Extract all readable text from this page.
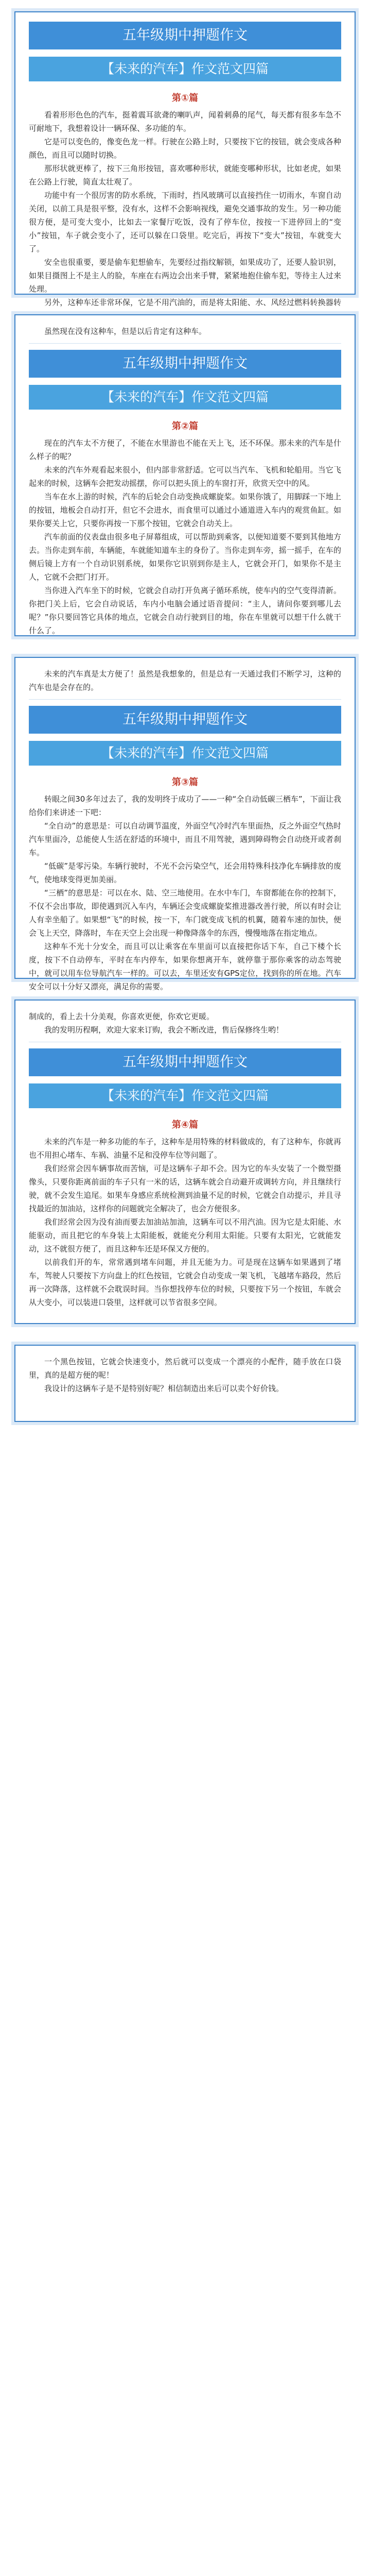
五年级期中押题作文
【未来的汽车】作文范文四篇
第①篇

看着形形色色的汽车，挺着震耳欲聋的喇叭声，闻着刺鼻的尾气，每天都有很多车急不可耐地下，我想着设计一辆环保、多功能的车。

它是可以变色的，像变色龙一样。行驶在公路上时，只要按下它的按钮，就会变成各种颜色，而且可以随时切换。

那形状就更棒了，按下三角形按钮，喜欢哪种形状，就能变哪种形状，比如老虎，如果在公路上行驶，简直太壮观了。

功能中有一个很厉害的防水系统，下雨时，挡风玻璃可以直接挡住一切雨水，车窗自动关闭，以前工具是很平整，没有水，这样不会影响视线，避免交通事故的发生。另一种功能很方便，是可变大变小，比如去一家餐厅吃饭，没有了停车位，按按一下进停回上的“变小”按钮，车子就会变小了，还可以躲在口袋里。吃完后，再按下“变大”按钮，车就变大了。

安全也很重要，要是偷车犯想偷车，先要经过指纹解锁，如果成功了，还要人脸识别，如果目摄图上不是主人的脸，车座在右两边会出来手臂，紧紧地抱住偷车犯，等待主人过来处理。

另外，这种车还非常环保，它是不用汽油的，而是将太阳能、水、风经过燃料转换器转

虽然现在没有这种车，但是以后肯定有这种车。

五年级期中押题作文
【未来的汽车】作文范文四篇
第②篇

现在的汽车太不方便了，不能在水里游也不能在天上飞，还不环保。那未来的汽车是什么样子的呢？

未来的汽车外观看起来很小，但内部非常舒适。它可以当汽车、飞机和轮船用。当它飞起来的时候，这辆车会把发动摇摆，你可以把头顶上的车窗打开，欣赏天空中的风。

当车在水上游的时候，汽车的后轮会自动变换成螺旋桨。如果你饿了，用脚踩一下地上的按钮，地板会自动打开，但它不会进水，而食里可以通过小通道进入车内的观赏鱼缸。如果你要关上它，只要你再按一下那个按钮，它就会自动关上。

汽车前面的仪表盘由很多电子屏幕组成，可以帮助到乘客，以便知道要不要到其他地方去。当你走到车前，车辆能，车就能知道车主的身份了。当你走到车旁，摇一摇手，在车的侧后镜上方有一个自动识别系统，如果你它识别到你是主人，它就会开门，如果你不是主人，它就不会把门打开。

当你进入汽车坐下的时候，它就会自动打开负离子循环系统，使车内的空气变得清新。你把门关上后，它会自动说话，车内小电脑会通过语音提问：“主人，请问你要到哪儿去呢？”你只要回答它具体的地点，它就会自动行驶到目的地，你在车里就可以想干什么就干什么了。

未来的汽车真是太方便了！虽然是我想象的，但是总有一天通过我们不断学习，这种的汽车也是会存在的。

五年级期中押题作文
【未来的汽车】作文范文四篇
第③篇

转眼之间30多年过去了，我的发明终于成功了——一种“全自动低碳三栖车”，下面让我给你们来讲述一下吧：

“全自动”的意思是：可以自动调节温度，外面空气冷时汽车里面热，反之外面空气热时汽车里面冷，总能使人生活在舒适的环境中，而且不用驾驶，遇到障碍物会自动绕开或者刹车。

“低碳”是零污染。车辆行驶时，不光不会污染空气，还会用特殊科技净化车辆排放的废气，使地球变得更加美丽。

“三栖”的意思是：可以在水、陆、空三地使用。在水中车门，车窗都能在你的控制下，不仅不会出事故，即使遇到沉入车内，车辆还会变成螺旋桨推进器改善行驶，所以有时会让人有幸坐船了。如果想“飞”的时候，按一下，车门就变成飞机的机翼，随着车速的加快，便会飞上天空，降落时，车在天空上会出现一种像降落伞的东西，慢慢地落在指定地点。

这种车不光十分安全，而且可以让乘客在车里面可以直接把你话下车，自己下楼个长度，按下不自动停车，平时在车内停车，如果你想离开车，就停靠于那你乘客的动态驾驶中，就可以用车位导航汽车一样的。可以去，车里还安有GPS定位，找到你的所在地。汽车安全可以十分好又漂亮，满足你的需要。

制成的，看上去十分美观，你喜欢更便，你欢它更暖。

我的发明历程啊，欢迎大家来订购，我会不断改进，售后保修终生哟！

五年级期中押题作文
【未来的汽车】作文范文四篇
第④篇

未来的汽车是一种多功能的车子，这种车是用特殊的材料做成的，有了这种车，你就再也不用担心堵车、车祸、油量不足和没停车位等问题了。

我们经常会因车辆事故而苦恼，可是这辆车子却不会。因为它的车头安装了一个微型摄像头，只要你距离前面的车子只有一米的话，这辆车就会自动避开或调转方向，并且继续行驶，就不会发生追尾。如果车身感应系统检测到油量不足的时候，它就会自动提示，并且寻找最近的加油站，这样你的问题就完全解决了，也会方便很多。

我们经常会因为没有油而要去加油站加油，这辆车可以不用汽油。因为它是太阳能、水能驱动，而且把它的车身装上太阳能板，就能充分利用太阳能。只要有太阳光，它就能发动，这不就很方便了，而且这种车还是环保又方便的。

以前我们开的车，常常遇到堵车问题，并且无能为力。可是现在这辆车如果遇到了堵车，驾驶人只要按下方向盘上的红色按钮，它就会自动变成一架飞机，飞越堵车路段，然后再一次降落，这样就不会耽误时间。当你想找停车位的时候，只要按下另一个按钮，车就会从大变小，可以装进口袋里，这样就可以节省很多空间。

一个黑色按钮，它就会快速变小，然后就可以变成一个漂亮的小配件，随手放在口袋里，真的是超方便的呢！

我设计的这辆车子是不是特别好呢？相信制造出来后可以卖个好价钱。
